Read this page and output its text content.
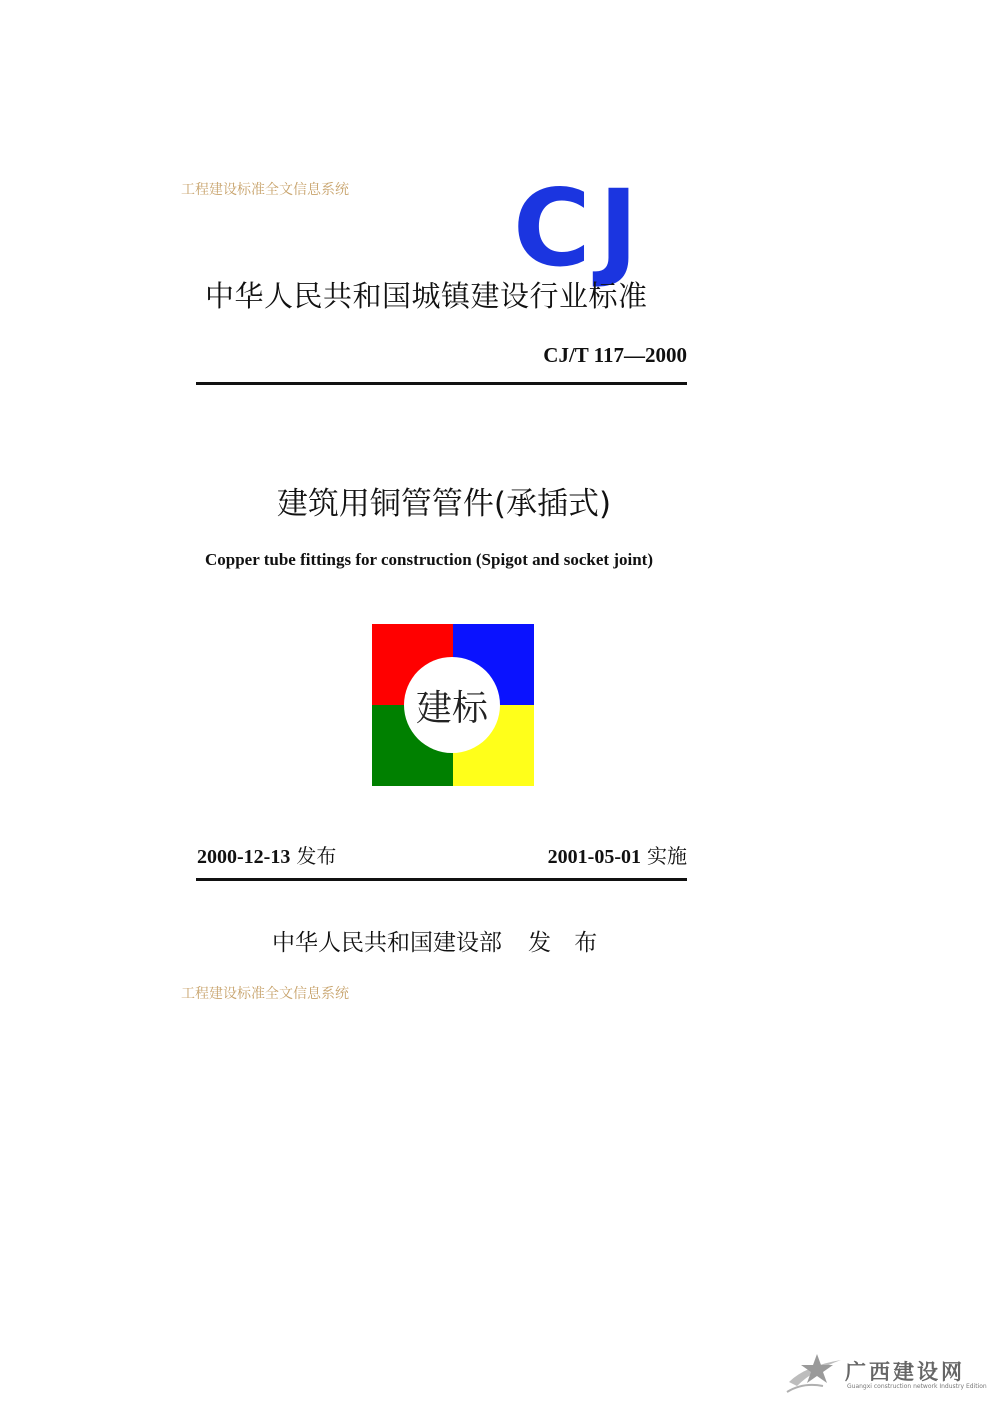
工程建设标准全文信息系统 CJ
中华人民共和国城镇建设行业标准
CJ/T 117—2000
建筑用铜管管件(承插式)
Copper tube fittings for construction (Spigot and socket joint)
建标
2000-12-13 发布	2001-05-01 实施
中华人民共和国建设部 发 布
工程建设标准全文信息系统
广西建设网
Guangxi construction network Industry Edition
